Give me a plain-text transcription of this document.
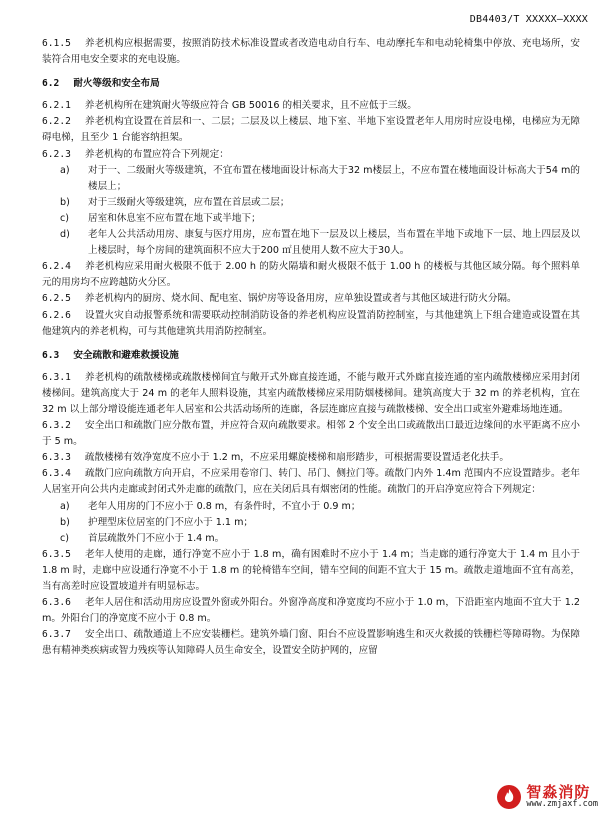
DB4403/T XXXXX—XXXX

6.1.5 养老机构应根据需要，按照消防技术标准设置或者改造电动自行车、电动摩托车和电动轮椅集中停放、充电场所，安装符合用电安全要求的充电设施。

6.2 耐火等级和安全布局

6.2.1 养老机构所在建筑耐火等级应符合 GB 50016 的相关要求，且不应低于三级。

6.2.2 养老机构宜设置在首层和一、二层；二层及以上楼层、地下室、半地下室设置老年人用房时应设电梯，电梯应为无障碍电梯，且至少 1 台能容纳担架。

6.2.3 养老机构的布置应符合下列规定：

a) 对于一、二级耐火等级建筑，不宜布置在楼地面设计标高大于32 m楼层上，不应布置在楼地面设计标高大于54 m的楼层上；

b) 对于三级耐火等级建筑，应布置在首层或二层；

c) 居室和休息室不应布置在地下或半地下；

d) 老年人公共活动用房、康复与医疗用房，应布置在地下一层及以上楼层，当布置在半地下或地下一层、地上四层及以上楼层时，每个房间的建筑面积不应大于200 ㎡且使用人数不应大于30人。

6.2.4 养老机构应采用耐火极限不低于 2.00 h 的防火隔墙和耐火极限不低于 1.00 h 的楼板与其他区域分隔。每个照料单元的用房均不应跨越防火分区。

6.2.5 养老机构内的厨房、烧水间、配电室、锅炉房等设备用房，应单独设置或者与其他区域进行防火分隔。

6.2.6 设置火灾自动报警系统和需要联动控制消防设备的养老机构应设置消防控制室，与其他建筑上下组合建造或设置在其他建筑内的养老机构，可与其他建筑共用消防控制室。

6.3 安全疏散和避难救援设施

6.3.1 养老机构的疏散楼梯或疏散楼梯间宜与敞开式外廊直接连通，不能与敞开式外廊直接连通的室内疏散楼梯应采用封闭楼梯间。建筑高度大于 24 m 的老年人照料设施，其室内疏散楼梯应采用防烟楼梯间。建筑高度大于 32 m 的养老机构，宜在 32 m 以上部分增设能连通老年人居室和公共活动场所的连廊，各层连廊应直接与疏散楼梯、安全出口或室外避难场地连通。

6.3.2 安全出口和疏散门应分散布置，并应符合双向疏散要求。相邻 2 个安全出口或疏散出口最近边缘间的水平距离不应小于 5 m。

6.3.3 疏散楼梯有效净宽度不应小于 1.2 m，不应采用螺旋楼梯和扇形踏步，可根据需要设置适老化扶手。

6.3.4 疏散门应向疏散方向开启，不应采用卷帘门、转门、吊门、侧拉门等。疏散门内外 1.4m 范围内不应设置踏步。老年人居室开向公共内走廊或封闭式外走廊的疏散门，应在关闭后具有烟密闭的性能。疏散门的开启净宽应符合下列规定：

a) 老年人用房的门不应小于 0.8 m，有条件时，不宜小于 0.9 m；

b) 护理型床位居室的门不应小于 1.1 m；

c) 首层疏散外门不应小于 1.4 m。

6.3.5 老年人使用的走廊，通行净宽不应小于 1.8 m，确有困难时不应小于 1.4 m；当走廊的通行净宽大于 1.4 m 且小于 1.8 m 时，走廊中应设通行净宽不小于 1.8 m 的轮椅错车空间，错车空间的间距不宜大于 15 m。疏散走道地面不宜有高差，当有高差时应设置坡道并有明显标志。

6.3.6 老年人居住和活动用房应设置外窗或外阳台。外窗净高度和净宽度均不应小于 1.0 m，下沿距室内地面不宜大于 1.2 m。外阳台门的净宽度不应小于 0.8 m。

6.3.7 安全出口、疏散通道上不应安装栅栏。建筑外墙门窗、阳台不应设置影响逃生和灭火救援的铁栅栏等障碍物。为保障患有精神类疾病或智力残疾等认知障碍人员生命安全，设置安全防护网的，应留

智淼消防
www.zmjaxf.com
